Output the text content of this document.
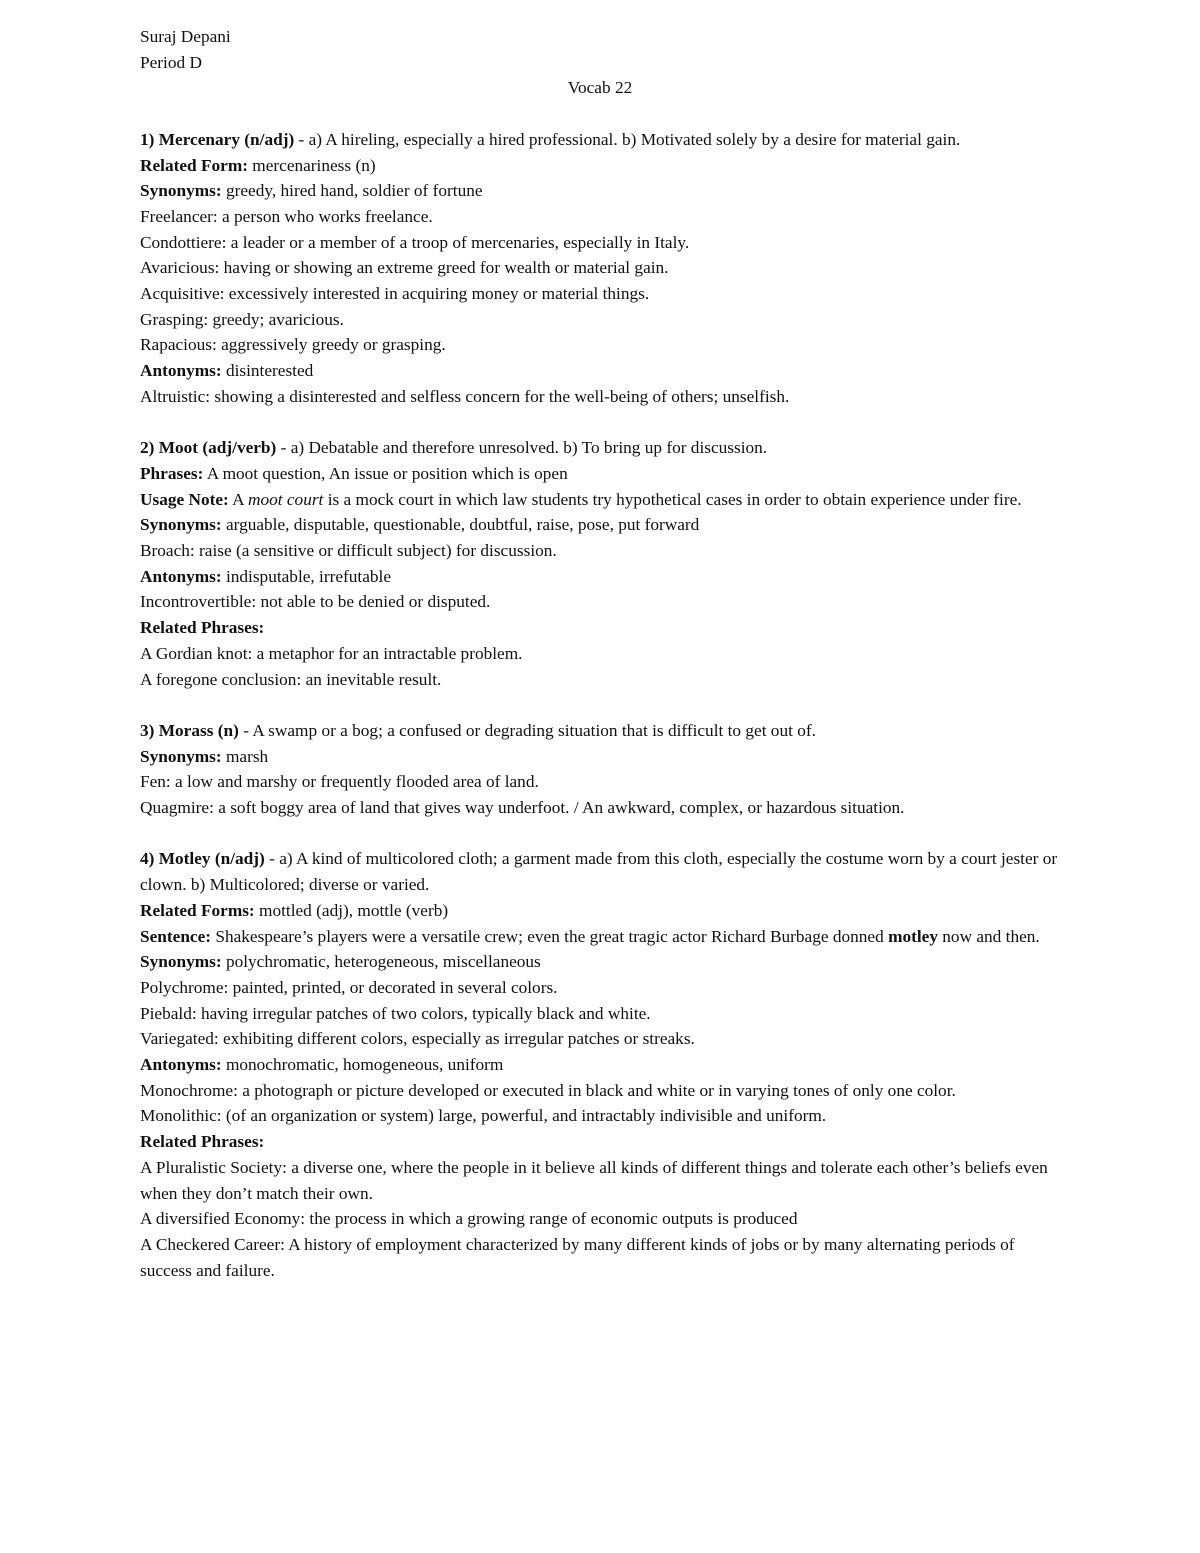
Suraj Depani

Period D

Vocab 22

1) Mercenary (n/adj) - a) A hireling, especially a hired professional. b) Motivated solely by a desire for material gain.

Related Form: mercenariness (n)

Synonyms: greedy, hired hand, soldier of fortune

Freelancer: a person who works freelance.

Condottiere: a leader or a member of a troop of mercenaries, especially in Italy.

Avaricious: having or showing an extreme greed for wealth or material gain.

Acquisitive: excessively interested in acquiring money or material things.

Grasping: greedy; avaricious.

Rapacious: aggressively greedy or grasping.

Antonyms: disinterested

Altruistic: showing a disinterested and selfless concern for the well-being of others; unselfish.

2) Moot (adj/verb) - a) Debatable and therefore unresolved. b) To bring up for discussion.

Phrases: A moot question, An issue or position which is open

Usage Note: A moot court is a mock court in which law students try hypothetical cases in order to obtain experience under fire.

Synonyms: arguable, disputable, questionable, doubtful, raise, pose, put forward

Broach: raise (a sensitive or difficult subject) for discussion.

Antonyms: indisputable, irrefutable

Incontrovertible: not able to be denied or disputed.

Related Phrases:

A Gordian knot: a metaphor for an intractable problem.

A foregone conclusion: an inevitable result.

3) Morass (n) - A swamp or a bog; a confused or degrading situation that is difficult to get out of.

Synonyms: marsh

Fen: a low and marshy or frequently flooded area of land.

Quagmire: a soft boggy area of land that gives way underfoot. / An awkward, complex, or hazardous situation.

4) Motley (n/adj) - a) A kind of multicolored cloth; a garment made from this cloth, especially the costume worn by a court jester or clown. b) Multicolored; diverse or varied.

Related Forms: mottled (adj), mottle (verb)

Sentence: Shakespeare’s players were a versatile crew; even the great tragic actor Richard Burbage donned motley now and then.

Synonyms: polychromatic, heterogeneous, miscellaneous

Polychrome: painted, printed, or decorated in several colors.

Piebald: having irregular patches of two colors, typically black and white.

Variegated: exhibiting different colors, especially as irregular patches or streaks.

Antonyms: monochromatic, homogeneous, uniform

Monochrome: a photograph or picture developed or executed in black and white or in varying tones of only one color.

Monolithic: (of an organization or system) large, powerful, and intractably indivisible and uniform.

Related Phrases:

A Pluralistic Society: a diverse one, where the people in it believe all kinds of different things and tolerate each other’s beliefs even when they don’t match their own.

A diversified Economy: the process in which a growing range of economic outputs is produced

A Checkered Career: A history of employment characterized by many different kinds of jobs or by many alternating periods of success and failure.
